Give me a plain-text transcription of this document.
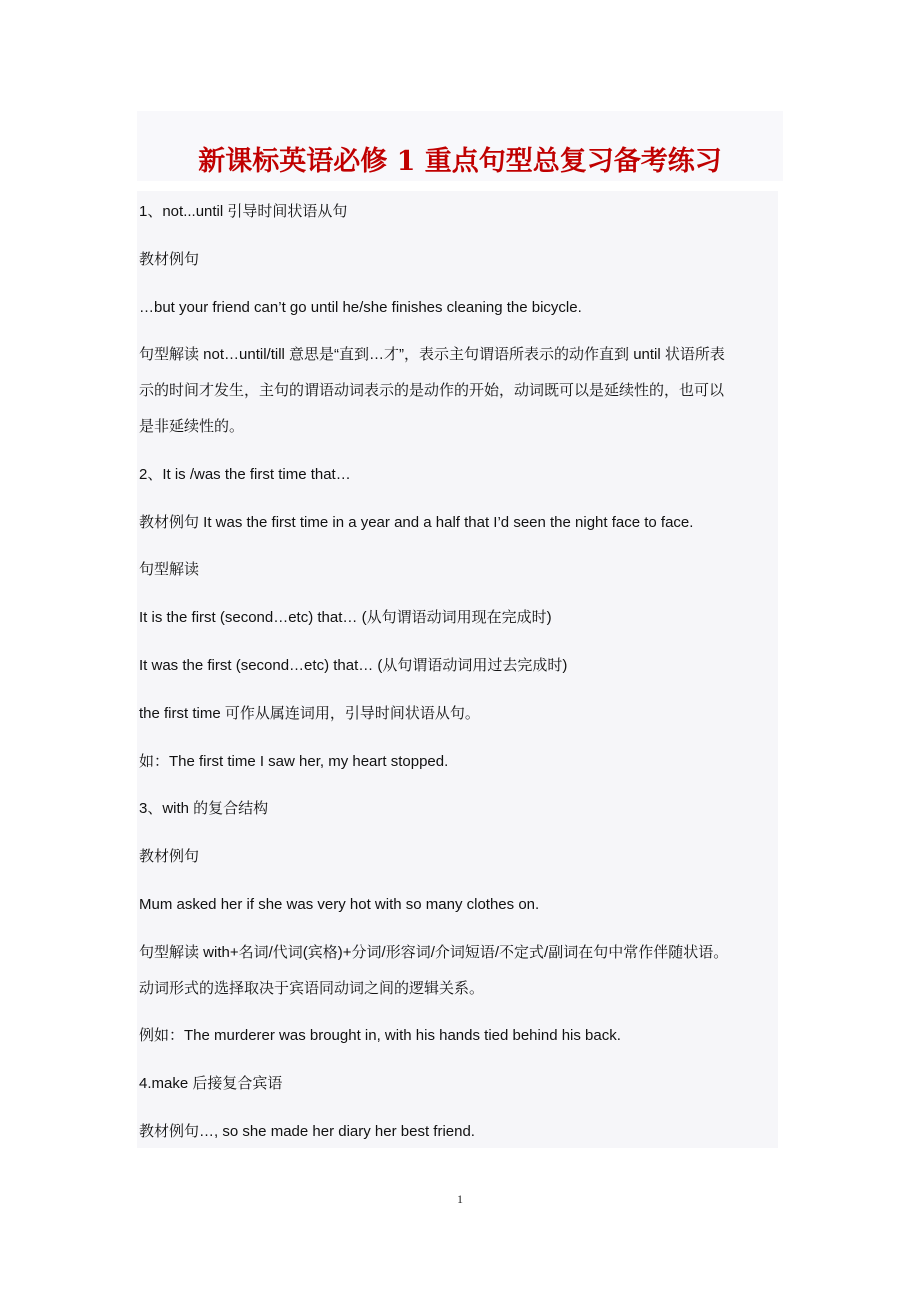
新课标英语必修 1 重点句型总复习备考练习
1、not...until 引导时间状语从句
教材例句
…but your friend can’t go until he/she finishes cleaning the bicycle.
句型解读 not…until/till 意思是“直到…才”，表示主句谓语所表示的动作直到 until 状语所表
示的时间才发生，主句的谓语动词表示的是动作的开始，动词既可以是延续性的，也可以
是非延续性的。
2、It is /was the first time that…
教材例句 It was the first time in a year and a half that I’d seen the night face to face.
句型解读
It is the first (second…etc) that… (从句谓语动词用现在完成时)
It was the first (second…etc) that… (从句谓语动词用过去完成时)
the first time 可作从属连词用，引导时间状语从句。
如：The first time I saw her, my heart stopped.
3、with 的复合结构
教材例句
Mum asked her if she was very hot with so many clothes on.
句型解读 with+名词/代词(宾格)+分词/形容词/介词短语/不定式/副词在句中常作伴随状语。
动词形式的选择取决于宾语同动词之间的逻辑关系。
例如：The murderer was brought in, with his hands tied behind his back.
4.make 后接复合宾语
教材例句…, so she made her diary her best friend.
1
